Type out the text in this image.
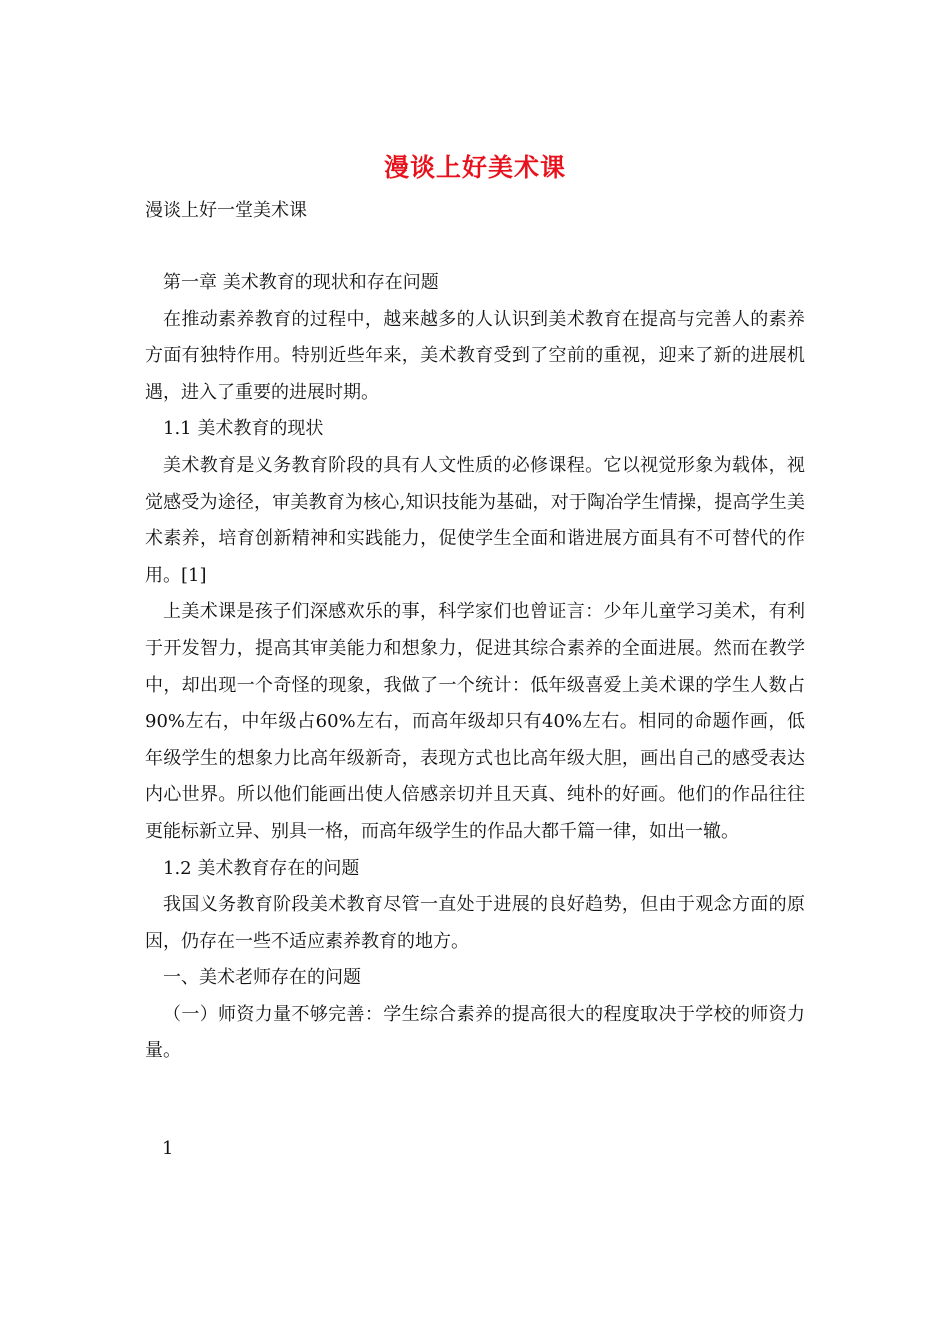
漫谈上好美术课
漫谈上好一堂美术课

第一章 美术教育的现状和存在问题

在推动素养教育的过程中，越来越多的人认识到美术教育在提高与完善人的素养方面有独特作用。特别近些年来，美术教育受到了空前的重视，迎来了新的进展机遇，进入了重要的进展时期。

1.1 美术教育的现状

美术教育是义务教育阶段的具有人文性质的必修课程。它以视觉形象为载体，视觉感受为途径，审美教育为核心,知识技能为基础，对于陶冶学生情操，提高学生美术素养，培育创新精神和实践能力，促使学生全面和谐进展方面具有不可替代的作用。[1]

上美术课是孩子们深感欢乐的事，科学家们也曾证言：少年儿童学习美术，有利于开发智力，提高其审美能力和想象力，促进其综合素养的全面进展。然而在教学中，却出现一个奇怪的现象，我做了一个统计：低年级喜爱上美术课的学生人数占90%左右，中年级占60%左右，而高年级却只有40%左右。相同的命题作画，低年级学生的想象力比高年级新奇，表现方式也比高年级大胆，画出自己的感受表达内心世界。所以他们能画出使人倍感亲切并且天真、纯朴的好画。他们的作品往往更能标新立异、别具一格，而高年级学生的作品大都千篇一律，如出一辙。

1.2 美术教育存在的问题

我国义务教育阶段美术教育尽管一直处于进展的良好趋势，但由于观念方面的原因，仍存在一些不适应素养教育的地方。

一、美术老师存在的问题

（一）师资力量不够完善：学生综合素养的提高很大的程度取决于学校的师资力量。

1
